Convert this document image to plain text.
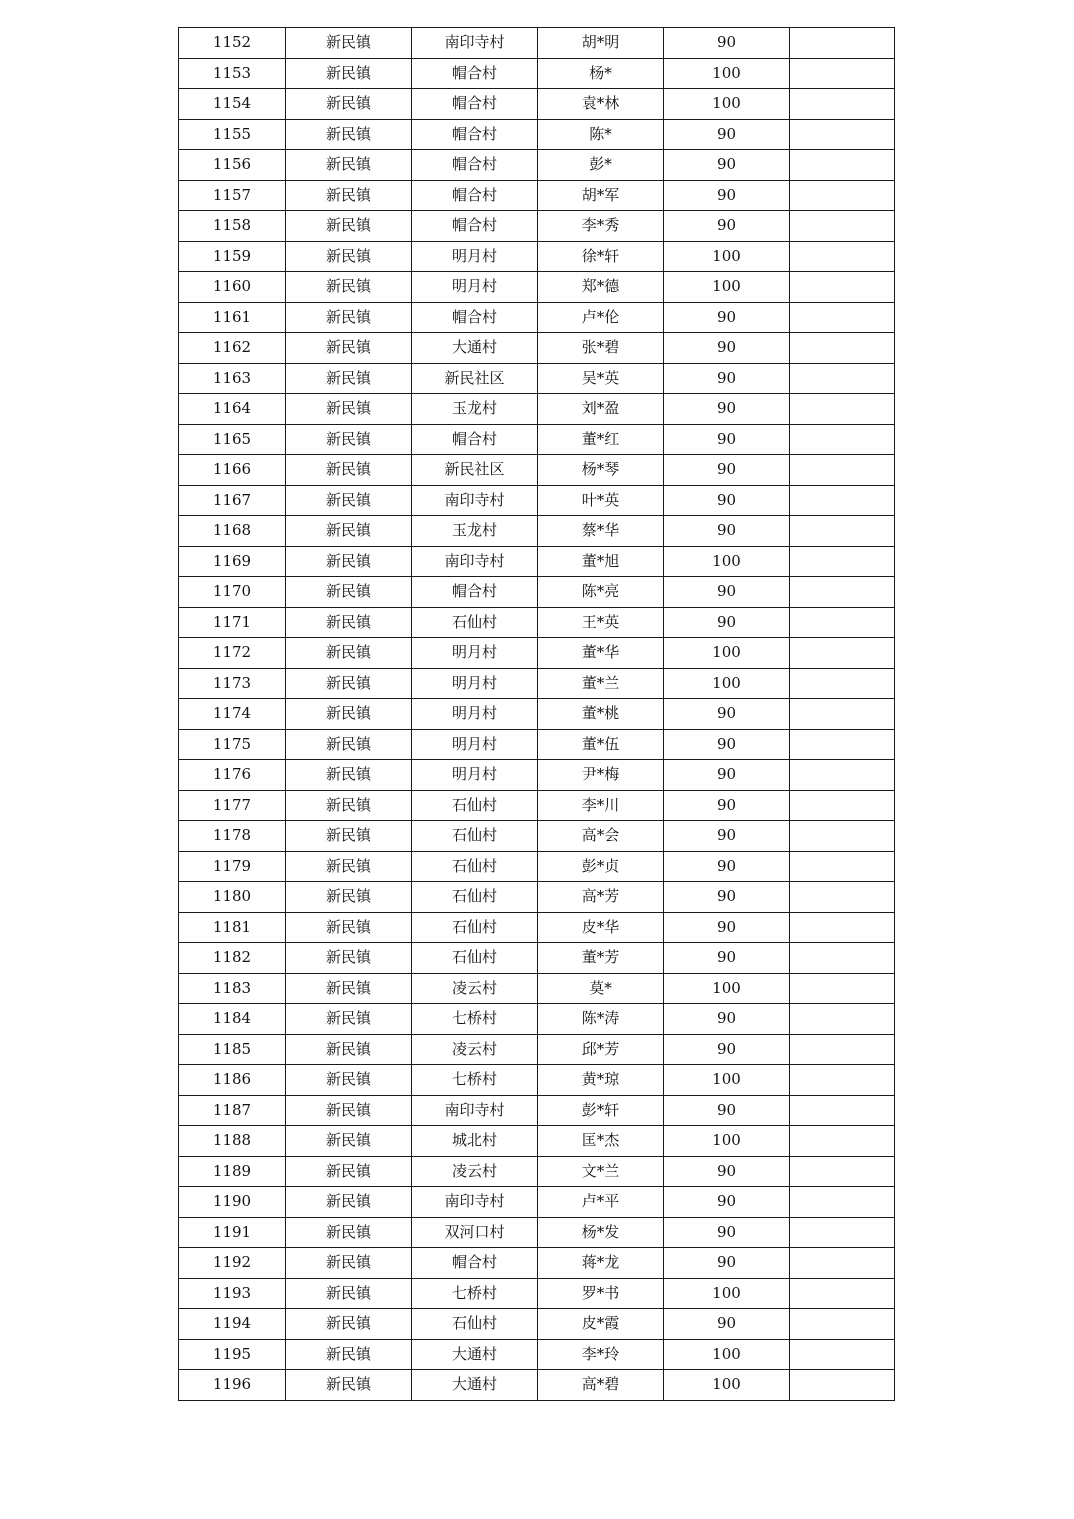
1152	新民镇	南印寺村	胡*明	90	
1153	新民镇	帽合村	杨*	100	
1154	新民镇	帽合村	袁*林	100	
1155	新民镇	帽合村	陈*	90	
1156	新民镇	帽合村	彭*	90	
1157	新民镇	帽合村	胡*军	90	
1158	新民镇	帽合村	李*秀	90	
1159	新民镇	明月村	徐*轩	100	
1160	新民镇	明月村	郑*德	100	
1161	新民镇	帽合村	卢*伦	90	
1162	新民镇	大通村	张*碧	90	
1163	新民镇	新民社区	吴*英	90	
1164	新民镇	玉龙村	刘*盈	90	
1165	新民镇	帽合村	董*红	90	
1166	新民镇	新民社区	杨*琴	90	
1167	新民镇	南印寺村	叶*英	90	
1168	新民镇	玉龙村	蔡*华	90	
1169	新民镇	南印寺村	董*旭	100	
1170	新民镇	帽合村	陈*亮	90	
1171	新民镇	石仙村	王*英	90	
1172	新民镇	明月村	董*华	100	
1173	新民镇	明月村	董*兰	100	
1174	新民镇	明月村	董*桃	90	
1175	新民镇	明月村	董*伍	90	
1176	新民镇	明月村	尹*梅	90	
1177	新民镇	石仙村	李*川	90	
1178	新民镇	石仙村	高*会	90	
1179	新民镇	石仙村	彭*贞	90	
1180	新民镇	石仙村	高*芳	90	
1181	新民镇	石仙村	皮*华	90	
1182	新民镇	石仙村	董*芳	90	
1183	新民镇	凌云村	莫*	100	
1184	新民镇	七桥村	陈*涛	90	
1185	新民镇	凌云村	邱*芳	90	
1186	新民镇	七桥村	黄*琼	100	
1187	新民镇	南印寺村	彭*轩	90	
1188	新民镇	城北村	匡*杰	100	
1189	新民镇	凌云村	文*兰	90	
1190	新民镇	南印寺村	卢*平	90	
1191	新民镇	双河口村	杨*发	90	
1192	新民镇	帽合村	蒋*龙	90	
1193	新民镇	七桥村	罗*书	100	
1194	新民镇	石仙村	皮*霞	90	
1195	新民镇	大通村	李*玲	100	
1196	新民镇	大通村	高*碧	100	
